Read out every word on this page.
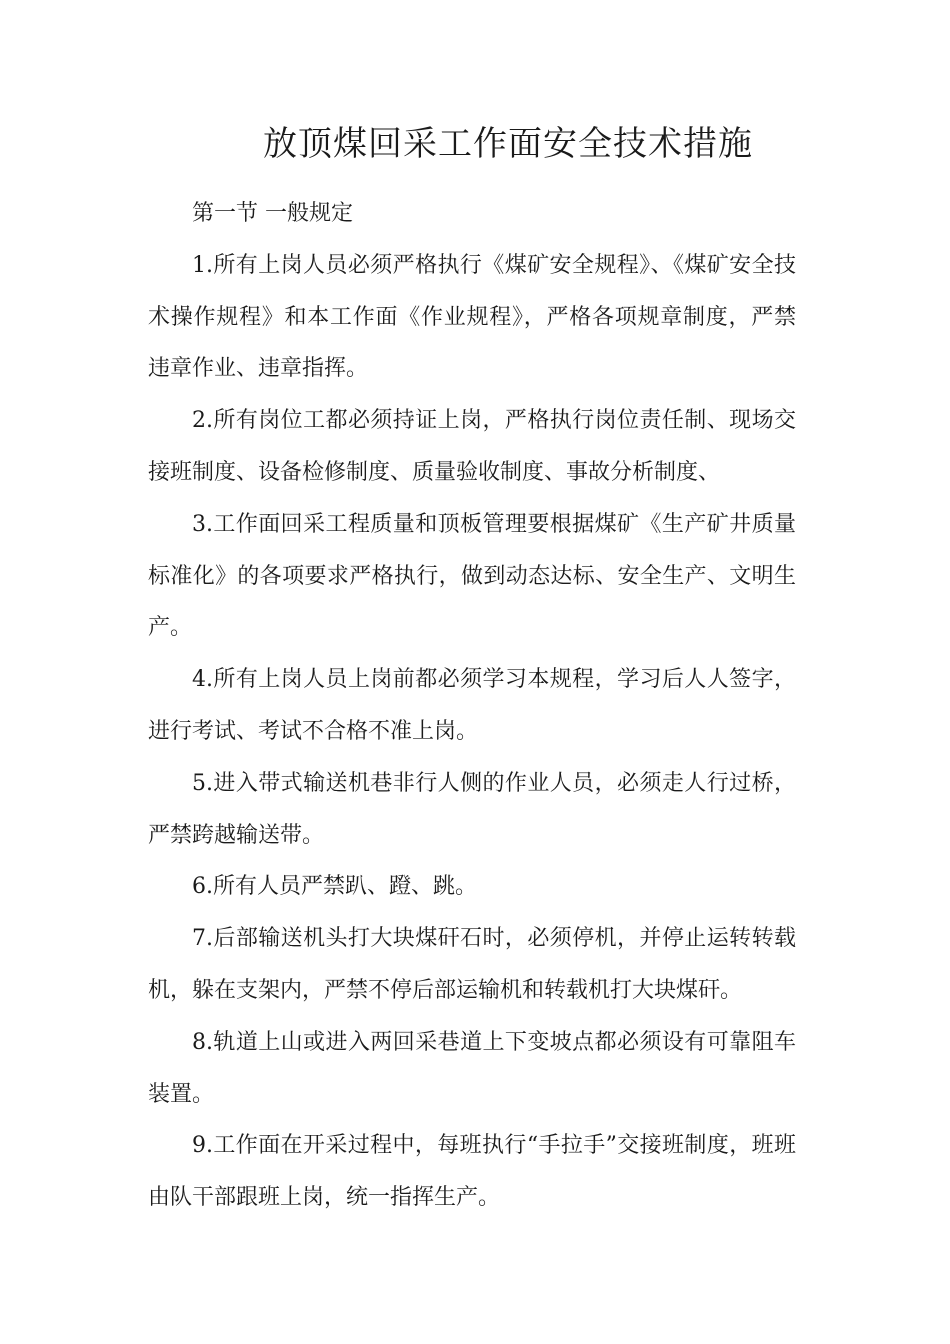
放顶煤回采工作面安全技术措施

第一节 一般规定

1.所有上岗人员必须严格执行《煤矿安全规程》、《煤矿安全技术操作规程》和本工作面《作业规程》，严格各项规章制度，严禁违章作业、违章指挥。

2.所有岗位工都必须持证上岗，严格执行岗位责任制、现场交接班制度、设备检修制度、质量验收制度、事故分析制度、

3.工作面回采工程质量和顶板管理要根据煤矿《生产矿井质量标准化》的各项要求严格执行，做到动态达标、安全生产、文明生产。

4.所有上岗人员上岗前都必须学习本规程，学习后人人签字，进行考试、考试不合格不准上岗。

5.进入带式输送机巷非行人侧的作业人员，必须走人行过桥，严禁跨越输送带。

6.所有人员严禁趴、蹬、跳。

7.后部输送机头打大块煤矸石时，必须停机，并停止运转转载机，躲在支架内，严禁不停后部运输机和转载机打大块煤矸。

8.轨道上山或进入两回采巷道上下变坡点都必须设有可靠阻车装置。

9.工作面在开采过程中，每班执行“手拉手”交接班制度，班班由队干部跟班上岗，统一指挥生产。
